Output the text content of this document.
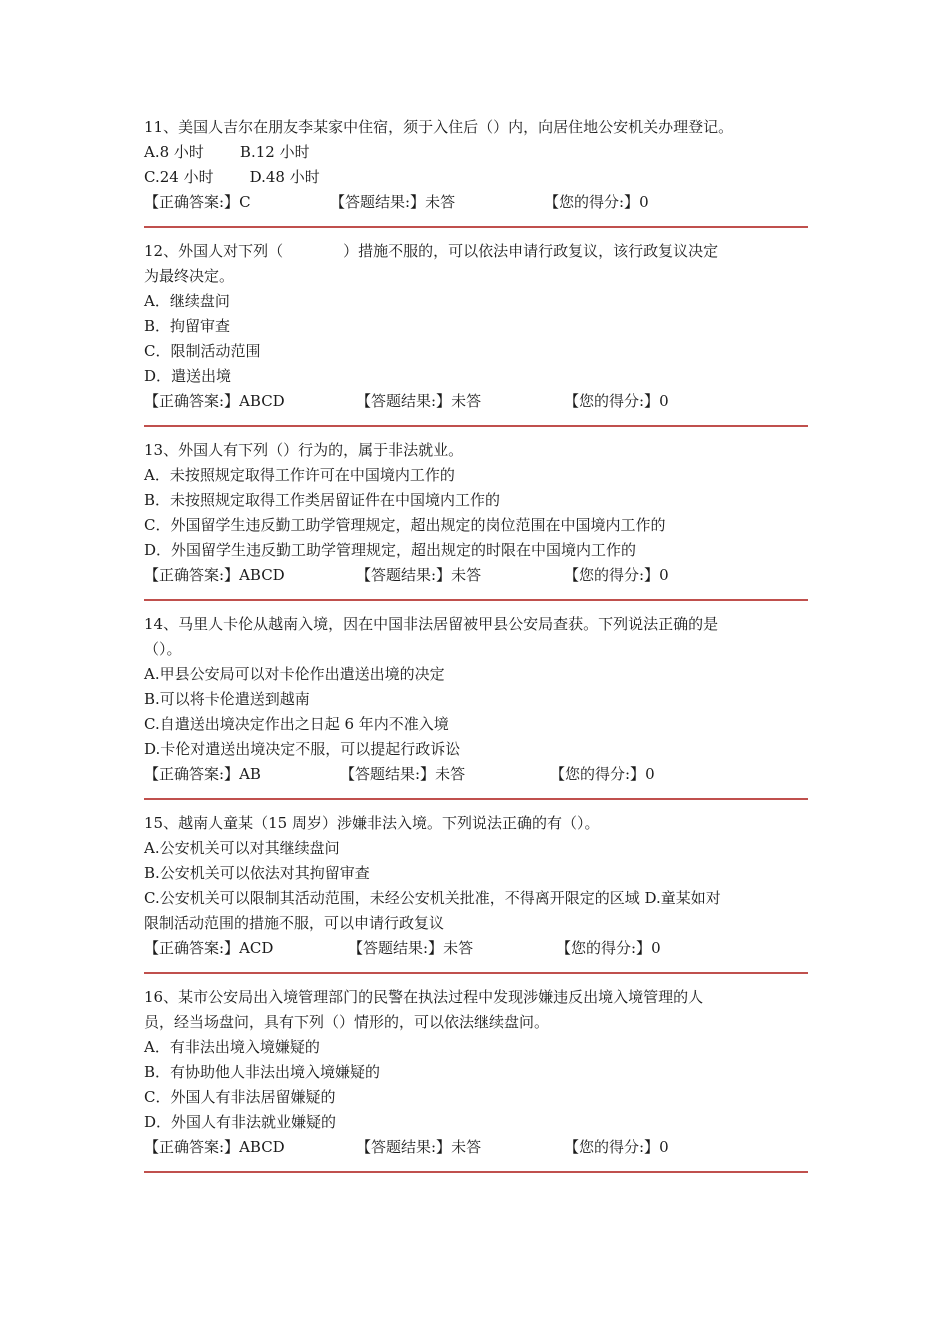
11、美国人吉尔在朋友李某家中住宿，须于入住后（）内，向居住地公安机关办理登记。
A.8 小时 B.12 小时
C.24 小时 D.48 小时
【正确答案:】C	【答题结果:】未答	【您的得分:】0
12、外国人对下列（　　　　）措施不服的，可以依法申请行政复议，该行政复议决定
为最终决定。
A．继续盘问
B．拘留审查
C．限制活动范围
D．遣送出境
【正确答案:】ABCD	【答题结果:】未答	【您的得分:】0
13、外国人有下列（）行为的，属于非法就业。
A．未按照规定取得工作许可在中国境内工作的
B．未按照规定取得工作类居留证件在中国境内工作的
C．外国留学生违反勤工助学管理规定，超出规定的岗位范围在中国境内工作的
D．外国留学生违反勤工助学管理规定，超出规定的时限在中国境内工作的
【正确答案:】ABCD	【答题结果:】未答	【您的得分:】0
14、马里人卡伦从越南入境，因在中国非法居留被甲县公安局查获。下列说法正确的是
（）。
A.甲县公安局可以对卡伦作出遣送出境的决定
B.可以将卡伦遣送到越南
C.自遣送出境决定作出之日起 6 年内不准入境
D.卡伦对遣送出境决定不服，可以提起行政诉讼
【正确答案:】AB	【答题结果:】未答	【您的得分:】0
15、越南人童某（15 周岁）涉嫌非法入境。下列说法正确的有（）。
A.公安机关可以对其继续盘问
B.公安机关可以依法对其拘留审查
C.公安机关可以限制其活动范围，未经公安机关批准，不得离开限定的区域 D.童某如对
限制活动范围的措施不服，可以申请行政复议
【正确答案:】ACD	【答题结果:】未答	【您的得分:】0
16、某市公安局出入境管理部门的民警在执法过程中发现涉嫌违反出境入境管理的人
员，经当场盘问，具有下列（）情形的，可以依法继续盘问。
A．有非法出境入境嫌疑的
B．有协助他人非法出境入境嫌疑的
C．外国人有非法居留嫌疑的
D．外国人有非法就业嫌疑的
【正确答案:】ABCD	【答题结果:】未答	【您的得分:】0
